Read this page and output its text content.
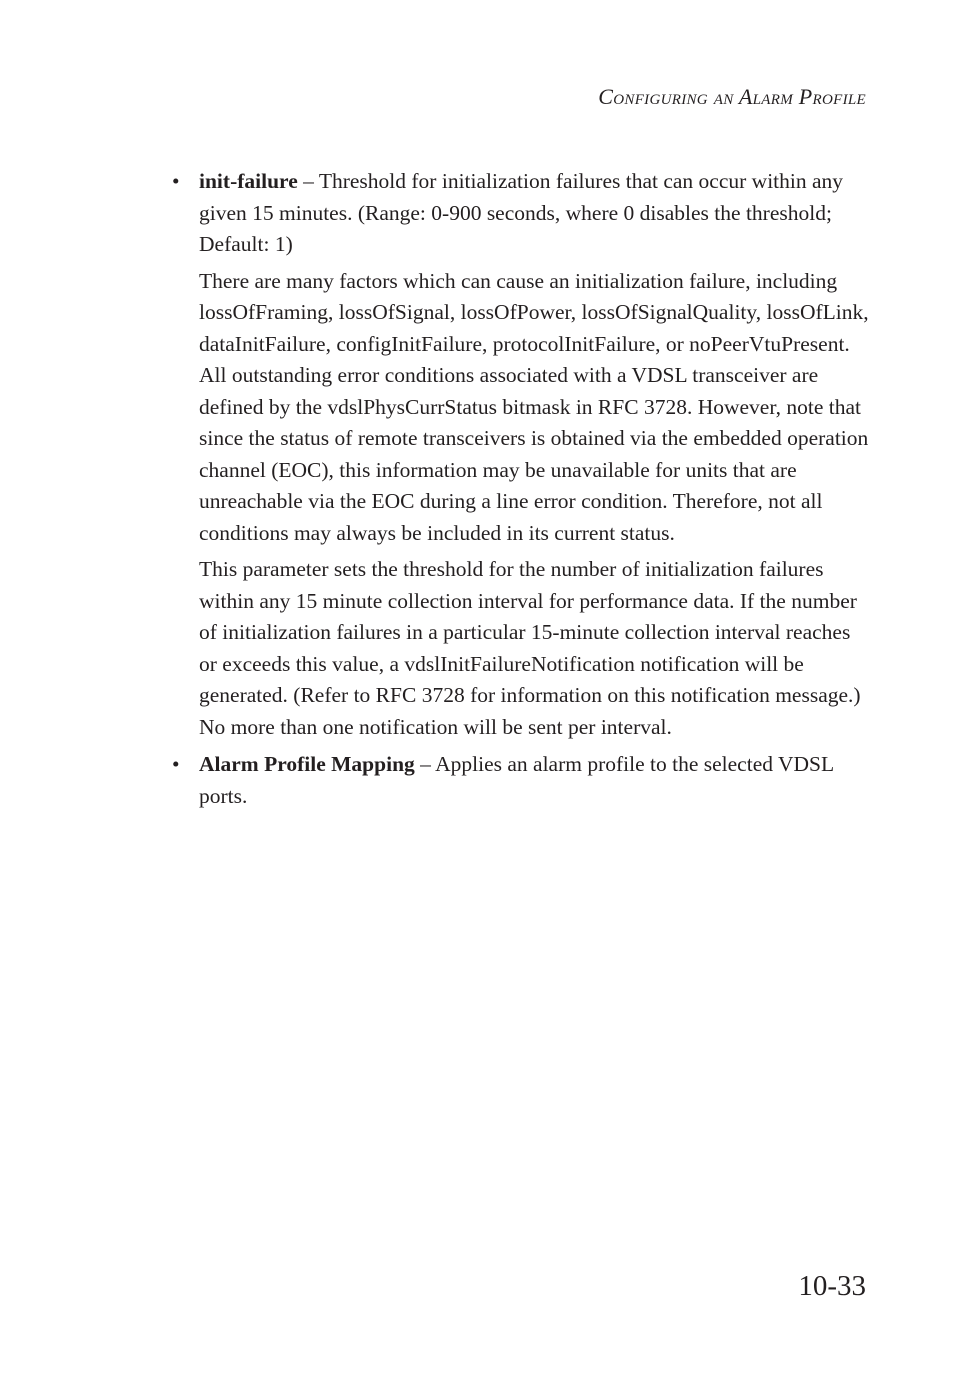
Configuring an Alarm Profile
• init-failure – Threshold for initialization failures that can occur within any given 15 minutes. (Range: 0-900 seconds, where 0 disables the threshold; Default: 1)

There are many factors which can cause an initialization failure, including lossOfFraming, lossOfSignal, lossOfPower, lossOfSignalQuality, lossOfLink, dataInitFailure, configInitFailure, protocolInitFailure, or noPeerVtuPresent. All outstanding error conditions associated with a VDSL transceiver are defined by the vdslPhysCurrStatus bitmask in RFC 3728. However, note that since the status of remote transceivers is obtained via the embedded operation channel (EOC), this information may be unavailable for units that are unreachable via the EOC during a line error condition. Therefore, not all conditions may always be included in its current status.

This parameter sets the threshold for the number of initialization failures within any 15 minute collection interval for performance data. If the number of initialization failures in a particular 15-minute collection interval reaches or exceeds this value, a vdslInitFailureNotification notification will be generated. (Refer to RFC 3728 for information on this notification message.) No more than one notification will be sent per interval.

• Alarm Profile Mapping – Applies an alarm profile to the selected VDSL ports.

10-33
